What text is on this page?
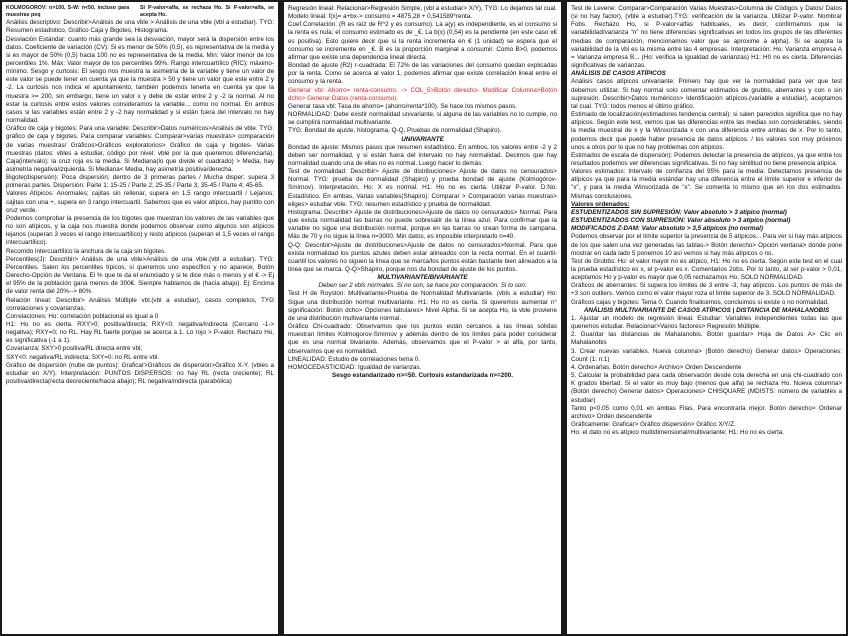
KOLMOGOROV: n>100, S-W: n<50, incluso para muestras peq
Si P-valor<alfa, se rechaza Ho. Si P-valor>alfa, se acepta Ho.

Análisis descriptivo: Describir>Análisis de una vble > Análisis de una vble (vbl a estudiar). TYG: Resumen estadístico, Gráfico Caja y Bigotes, Histograma.

Desviación Estándar: cuanto más grande sea la desviación, mayor será la dispersión entre los datos. Coeficiente de variación (CV): Si es menor de 50% (0,5), es representativa de la media y si es mayor de 50% (0,5) hacia 100 no es representativa de la media. Min: Valor menor de los percentiles 1%. Máx: Valor mayor de los percentiles 99%. Rango intercuartílico (RIC): máximo-mínimo. Sesgo y curtosis: El sesgo nos muestra la asimetría de la variable y tiene un valor de este valor se puede tener en cuenta ya que la muestra > 50 y tiene un valor que este entre 2 y -2. La curtosis nos indica el apuntamiento, también podemos tenerla en cuenta ya que la muestra >= 200, sin embargo, tiene un valor x y debe de estar entre 2 y -2 la normal. Al no estar la curtosis entre estos valores consideramos la variable... como no normal. En ambos casos si las variables están entre 2 y -2 hay normalidad y si están fuera del intervalo no hay normalidad.

Gráfico de caja y bigotes: Para una variable: Describir>Datos numéricos>Análisis de vble. TYG: gráfico de caja y bigotes. Para comparar variables: Comparar>varias muestras> comparación de varias muestras/ Gráficos>Gráficos exploratorios> Gráfico de caja y bigotes- Varias muestras (datos: vbles a estudiar, código por nivel: vble por la que queremos diferenciarla). Caja(intervalo): la cruz roja es la media. Si Mediana(lo que divide el cuadrado) > Media, hay asimetría negativa/izquierda. Si Mediana< Media, hay asimetría positiva/derecha.

Bigote(dispersión): Poca dispersión; dentro de 3 primeras partes / Mucha disper; supera 3 primeras partes. Dispersión: Parte 1; 15-25 / Parte 2; 25-35 / Parte 3; 35-45 / Parte 4; 45-65.

Valores Atípicos: Anormales; cajitas sin rellenar, supera en 1,5 rango intercuartil / Lejanos; cajitas con una +, supera en 3 rango intercuartil. Sabemos que es valor atípico, hay puntito con cruz verde.

Podemos comprobar la presencia de los bigotes que muestran los valores de las variables que no son atípicos, y la caja nos muestra donde podemos observar como algunos son atípicos lejanos (superan 3 veces el rango intercuartílico) y resto atípicos (superan el 1,5 veces el rango intercuartílico).

Recorrido intercuartílico la anchura de la caja sin bigotes.

Percentiles(J): Describir> Análisis de una vble>Análisis de una vble.(vbl a estudiar). TYG: Percentiles. Salen los percentiles típicos, si queremos uno específico y no aparece, Botón Derecho-Opción de Ventana. El % que te da el enunciado y si te dice más o menos y el € -> Ej el 95% de la población gana menos de 300€. Siempre hablamos de (hacia abajo). Ej: Encima de valor renta del 20%--> 80%.

Relación lineal: Describir> Análisis Múltiple vbl.(vbl a estudiar), casos completos, TYG correlaciones y covarianzas.

Correlaciones: Ho: correlación poblacional es igual a 0

H1: Ho no es cierta. RXY>0; positiva/directa; RXY<0; negativa/indirecta (Cercano -1-> negativa); RXY=0; no RL. Hay RL fuerte porque se acerca a 1. Lo rojo > P-valor. Rechazo Ho, es significativa (-1 a 1).

Covarianza: SXY>0:positiva/RL directa entre vbl;

SXY<0: negativa/RL indirecta; SXY=0: no RL entre vbl.

Gráfico de dispersión (nube de puntos): Graficar>Gráficos de dispersión>Gráfico X-Y. (vbles a estudiar en X/Y). Interpretación: PUNTOS DISPERSOS: no hay RL (recta creciente); RL positiva/directa(recta decreciente/hacia abajo); RL negativa/indirecta (parabólica)

Regresión lineal: Relacionar>Regresión Simple, (vbl a estudiar> X/Y), TYG: Lo dejamos tal cual. Modelo lineal: f(x)= a+bx-> consumo = 4875,28 + 0,541589*renta.

Coef.Correlación: (R es raíz de R^2 y es consumo). La a(y) es independiente, es el consumo si la renta es nula; el consumo estimado es de _€. La b(x) (0,54) es la pendiente (en este caso x€ es positiva). Esto quiere decir que si la renta incrementa en € (1 unidad) se espera que el consumo se incremente en _€. B es la proporción marginal a consumir. Como B>0, podemos afirmar que existe una dependencia lineal directa.

Bondad de ajuste (R2) r-cuadrada: El 72% de las variaciones del consumo quedan explicadas por la renta. Como se acerca al valor 1, podemos afirmar que existe correlación lineal entre el consumo y la renta.

Generar vbl: Ahorro= renta-consumo. -> COL_5>Botón derecho- Modificar Columna>Botón dcho> Generar Datos (renta-consumo).

Generar tasa vbl: Tasa de ahorro= (ahorro/renta*100). Se hace los mismos pasos.

NORMALIDAD: Debe existir normalidad univariante, si alguna de las variables no lo cumple, no se cumplirá normalidad multivariante.

TYG: Bondad de ajuste, histograma, Q-Q, Pruebas de normalidad (Shapiro).

UNIVARIANTE

Bondad de ajuste: Mismos pasos que resumen estadístico. En ambos, los valores entre -2 y 2 deben ser normalidad, y si están fuera del intervalo no hay normalidad. Decimos que hay normalidad cuando una de ellas no es normal. Luego hacer lo demás:

Test de normalidad: Describir> Ajuste de distribuciones> Ajuste de datos no censurados> Normal. TYG: prueba de normalidad (Shapiro) y prueba bondad de ajuste (Kolmogórov-Smirnov). Interpretación. Ho: X es normal. H1: Ho no es cierta. Utilizar P-valor. D:No. Estadístico. En ambas, Varias variables(Shapiro): Comparar > Comparación varias muestras> eliges> estudiar vble. TYG: resumen estadístico y prueba de normalidad.

Histograma: Describir> Ajuste de distribuciones>Ajuste de datos no censurados> Normal. Para que exista normalidad las barras no puede sobresalir de la línea azul. Para confirmar que la variable no sigue una distribución normal, porque en las barras no crean forma de campana. Más de 70 y no sigue la línea n=3000. Min datos, es imposible interpretarlo n=40.

Q-Q: Describir>Ajuste de distribuciones>Ajuste de datos no censurados>Normal. Para que exista normalidad los puntos azules deben estar alineados con la recta normal. En el cuantil-cuantil los valores no siguen la línea que se marca/los puntos están bastante bien alineados a la línea que se marca. Q-Q>Shapiro, porque nos da bondad de ajuste de los puntos.

MULTIVARIANTE/BIVARIANTE

Deben ser 2 vbls normales. Si no son, se hace por comparación. Si lo son:

Test H de Royston: Multivariante>Prueba de Normalidad Multivariante. (vbls a estudiar) Ho: Sigue una distribución normal multivariante. H1: Ho no es cierta. Si queremos aumentar n° significación: Botón dcho> Opciones tabulares> Nivel Alpha. Si se acepta Ho, la vble proviene de una distribución multivariante normal.

Gráfico Chi-cuadrado: Observamos que los puntos están cercanos a las líneas sólidas muestran límites Kolmogorov-Smirnov y además dentro de los límites para poder considerar que es una normal bivariante. Además, observamos que el P-valor > al alfa, por tanto, observamos que es normalidad.

LINEALIDAD: Estudio de correlaciones tema 0.

HOMOCEDASTICIDAD: Igualdad de varianzas.

Sesgo estandarizado n>=50. Curtosis estandarizada n>=200.

Test de Levene: Comparar>Comparación Varias Muestras>Columna de Códigos y Datos/ Datos (si no hay factor), (vble a estudiar).TYG: verificación de la varianza. Utilizar P-valor. Nombrar Fobs. Rechazo Ho, si P-valor<alfas habituales, es decir, confirmamos que la variabilidad/varianza "n" no tiene diferencias significativas en todos los grupos de las diferentes medias de comparación, mencionamos valor que se aproxime a alpha). Si se acepta la variabilidad de la vbl es la misma entre las 4 empresas. Interpretación: Ho: Varianza empresa A = Varianza empresa B... (Ho: verifica la igualdad de varianzas) H1: H0 no es cierta. Diferencias significativas de varianzas.

ANÁLISIS DE CASOS ATÍPICOS

Análisis casos atípicos univariante: Primero hay que ver la normalidad para ver que test debemos utilizar. Si hay normal solo comentar estimados de grubbs, aberrantes y con o sin supresión. Describir>Datos numéricos> Identificación atípicos.(variable a estudiar), aceptamos tal cual. TYG: todos menos el último gráfico.

Estimado de localización(estimadores tendencia central): si salen parecidos significa que no hay atípicos. Según este test, vemos que las diferencias entre las medias son considerables, siendo la media muestral de x y la Winsorizada x con una diferencia entre ambas de x. Por lo tanto, podemos decir que puede haber presencia de datos atípicos. / los valores son muy próximos unos a otros por lo que no hay problemas con atípicos.

Estimados de escala de dispersión): Podemos detectar la presencia de atípicos, ya que entre los resultados podemos ver diferencias significativas. Si no hay similitud no tiene presencia atípica.

Valores estimados: Intervalo de confianza del 95% para la media: Detectamos presencia de atípicos ya que para la media estándar hay una diferencia entre el límite superior e inferior de "x", y para la media Winsorizada de "x". Se comenta lo mismo que en los dos estimados. Mismas conclusiones.

Valores ordenados:

ESTUDENTIZADOS SIN SUPRESIÓN: Valor absoluto > 3 atípico (normal)

ESTUDENTIZADOS CON SUPRESIÓN: Valor absoluto > 3 atípico (normal)

MODIFICADOS Z-DAM: Valor absoluto > 3,5 atípicos (no normal)

Podemos observar por el límite superior la presencia de 5 atípicos... Para ver si hay más atípicos de los que salen una vez generadas las tablas-> Botón derecho> Opción ventana> donde pone mostrar en cada lado 5 ponemos 10 así vemos si hay más atípicos o no.

Test de Grubbs: Ho: el valor mayor no es atípico, H1: Ho no es cierta. Según este test en el cual la prueba estadístico es x, el p-valor es x. Comentarios 2obs. Por lo tanto, al ser p-valor > 0,01, aceptamos Ho y p-valor es mayor que 0,05 rechazamos Ho. SOLO NORMALIDAD.

Gráficos de aberrantes: Si supera los límites de 3 entre -3, hay atípicos. Los puntos de más de +3 son outliers. Vemos como el valor mayor roza el límite superior de 3. SOLO NORMALIDAD.

Gráficos cajas y bigotes: Tema 0. Cuando finalicemos, concluimos si existe o no normalidad.

ANÁLISIS MULTIVARIANTE DE CASOS ATÍPICOS | DISTANCIA DE MAHALANOBIS

1. Ajustar un modelo de regresión lineal. Estudiar: Variables independientes todas las que queremos estudiar. Relacionar>Varios factores> Regresión Múltiple.

2. Guardar las distancias de Mahalanobis. Botón guardar> Hoja de Datos A> Clic en Mahalanobis

3. Crear nuevas variables. Nueva columna> (Botón derecho) Generar datos> Operaciones: Count (1: n:1)

4. Ordenarlas. Botón derecho> Archivo> Orden Descendente

5. Calcular la probabilidad para cada observación desde cola derecha en una chi-cuadrado con K grados libertad. Si el valor es muy bajo (menos que alfa) se rechaza Ho. Nueva columna> (Botón derecho) Generar datos> Operaciones> CHISQUARE (MDISTS: número de variables a estudiar)

Tanto p<0,05 como 0,01 en ambas Filas. Para encontrarla mejor. Botón derecho> Ordenar archivo> Orden descendente

Gráficamente: Graficar> Gráfico dispersión> Gráfico X/Y/Z.

Ho: el dato no es atípico multidimensional/multivariante; H1: Ho no es cierta.
